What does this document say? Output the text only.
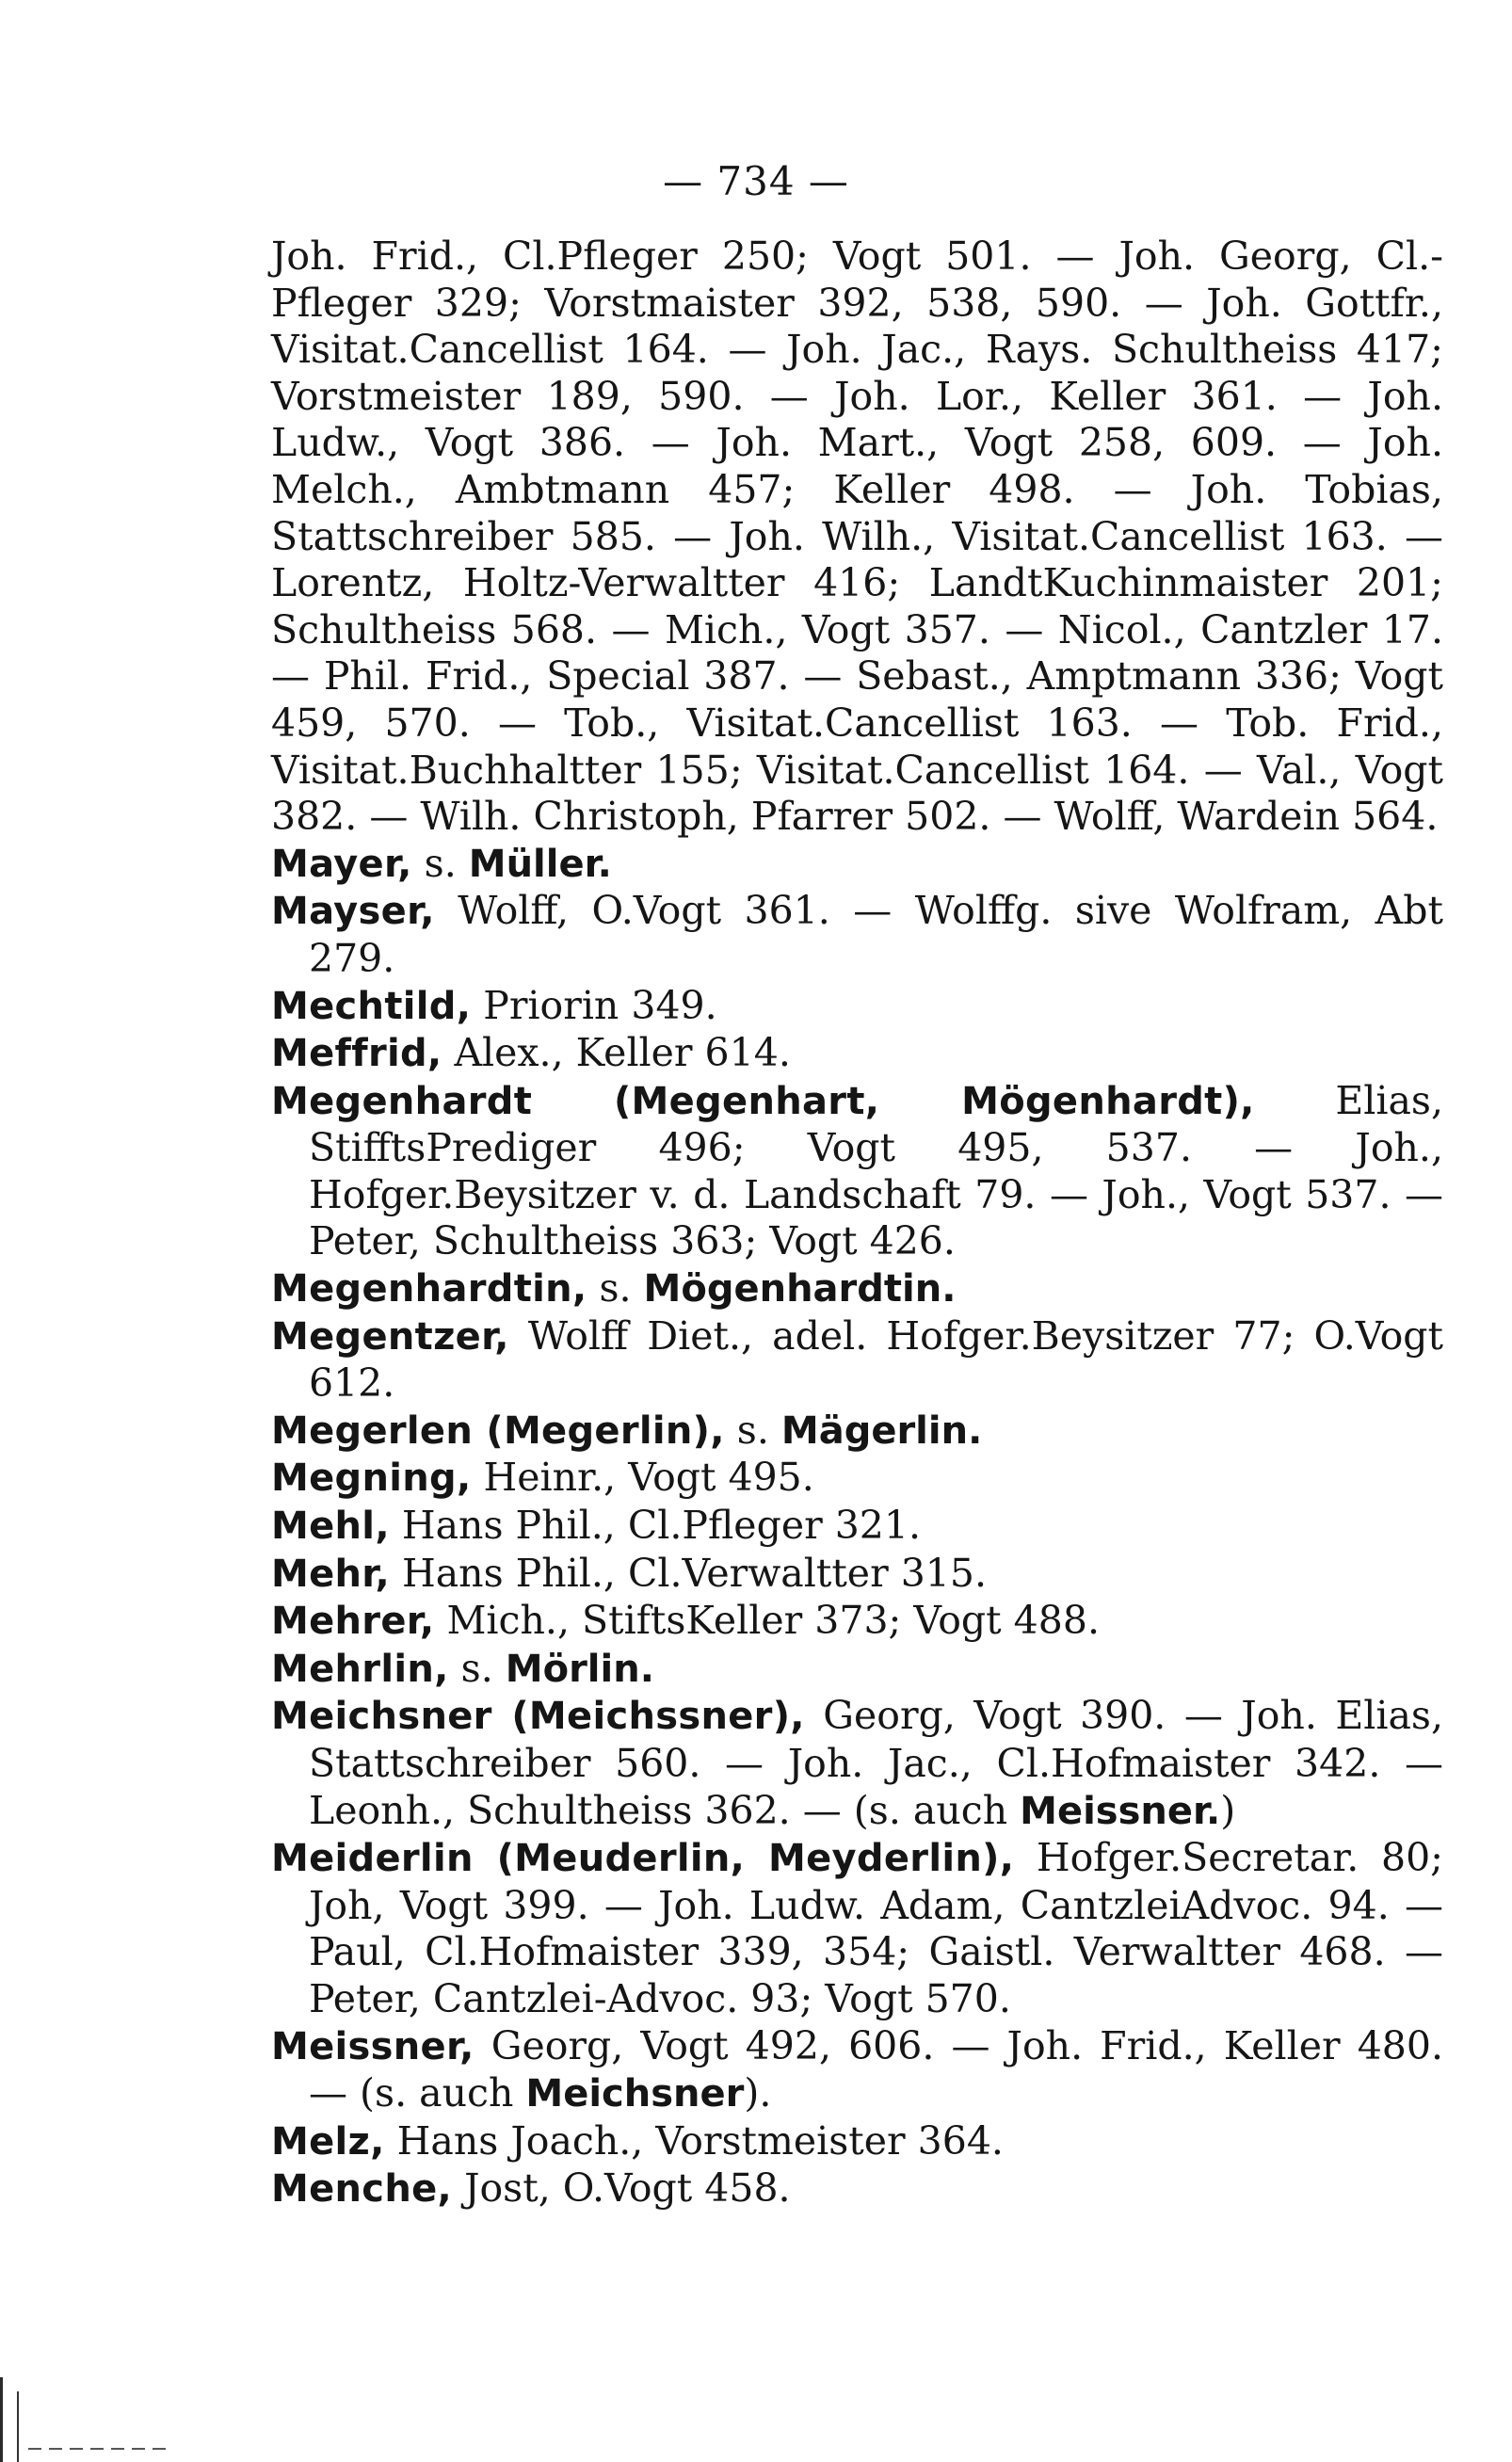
— 734 —

Joh. Frid., Cl.Pfleger 250; Vogt 501. — Joh. Georg, Cl.-Pfleger 329; Vorstmaister 392, 538, 590. — Joh. Gottfr., Visitat.Cancellist 164. — Joh. Jac., Rays. Schultheiss 417; Vorstmeister 189, 590. — Joh. Lor., Keller 361. — Joh. Ludw., Vogt 386. — Joh. Mart., Vogt 258, 609. — Joh. Melch., Ambtmann 457; Keller 498. — Joh. Tobias, Stattschreiber 585. — Joh. Wilh., Visitat.Cancellist 163. — Lorentz, Holtz-Verwaltter 416; LandtKuchinmaister 201; Schultheiss 568. — Mich., Vogt 357. — Nicol., Cantzler 17. — Phil. Frid., Special 387. — Sebast., Amptmann 336; Vogt 459, 570. — Tob., Visitat.Cancellist 163. — Tob. Frid., Visitat.Buchhaltter 155; Visitat.Cancellist 164. — Val., Vogt 382. — Wilh. Christoph, Pfarrer 502. — Wolff, Wardein 564.

Mayer, s. Müller.

Mayser, Wolff, O.Vogt 361. — Wolffg. sive Wolfram, Abt 279.

Mechtild, Priorin 349.

Meffrid, Alex., Keller 614.

Megenhardt (Megenhart, Mögenhardt), Elias, StifftsPrediger 496; Vogt 495, 537. — Joh., Hofger.Beysitzer v. d. Landschaft 79. — Joh., Vogt 537. — Peter, Schultheiss 363; Vogt 426.

Megenhardtin, s. Mögenhardtin.

Megentzer, Wolff Diet., adel. Hofger.Beysitzer 77; O.Vogt 612.

Megerlen (Megerlin), s. Mägerlin.

Megning, Heinr., Vogt 495.

Mehl, Hans Phil., Cl.Pfleger 321.

Mehr, Hans Phil., Cl.Verwaltter 315.

Mehrer, Mich., StiftsKeller 373; Vogt 488.

Mehrlin, s. Mörlin.

Meichsner (Meichssner), Georg, Vogt 390. — Joh. Elias, Stattschreiber 560. — Joh. Jac., Cl.Hofmaister 342. — Leonh., Schultheiss 362. — (s. auch Meissner.)

Meiderlin (Meuderlin, Meyderlin), Hofger.Secretar. 80; Joh, Vogt 399. — Joh. Ludw. Adam, CantzleiAdvoc. 94. — Paul, Cl.Hofmaister 339, 354; Gaistl. Verwaltter 468. — Peter, Cantzlei-Advoc. 93; Vogt 570.

Meissner, Georg, Vogt 492, 606. — Joh. Frid., Keller 480. — (s. auch Meichsner).

Melz, Hans Joach., Vorstmeister 364.

Menche, Jost, O.Vogt 458.
